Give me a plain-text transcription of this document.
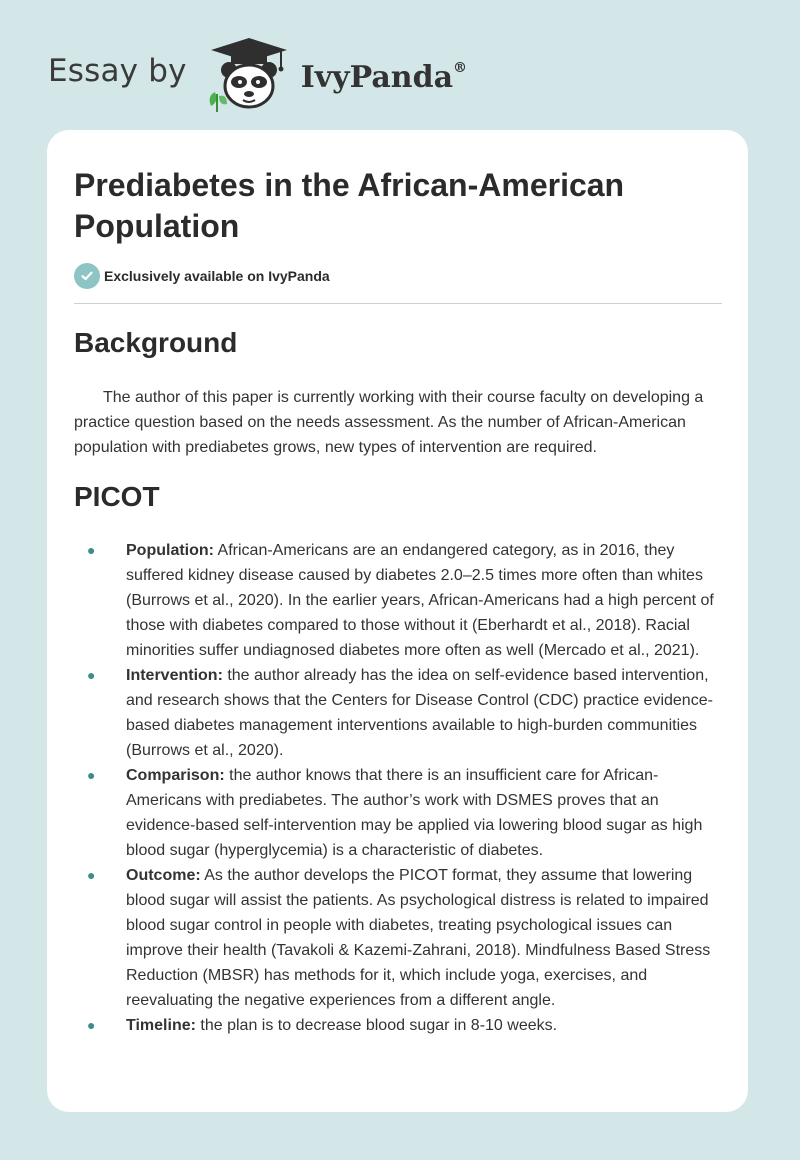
Essay by	IvyPanda®
Prediabetes in the African-American Population
Exclusively available on IvyPanda
Background

The author of this paper is currently working with their course faculty on developing a practice question based on the needs assessment. As the number of African-American population with prediabetes grows, new types of intervention are required.

PICOT
● Population: African-Americans are an endangered category, as in 2016, they suffered kidney disease caused by diabetes 2.0–2.5 times more often than whites (Burrows et al., 2020). In the earlier years, African-Americans had a high percent of those with diabetes compared to those without it (Eberhardt et al., 2018). Racial minorities suffer undiagnosed diabetes more often as well (Mercado et al., 2021).
● Intervention: the author already has the idea on self-evidence based intervention, and research shows that the Centers for Disease Control (CDC) practice evidence-based diabetes management interventions available to high-burden communities (Burrows et al., 2020).
● Comparison: the author knows that there is an insufficient care for African-Americans with prediabetes. The author’s work with DSMES proves that an evidence-based self-intervention may be applied via lowering blood sugar as high blood sugar (hyperglycemia) is a characteristic of diabetes.
● Outcome: As the author develops the PICOT format, they assume that lowering blood sugar will assist the patients. As psychological distress is related to impaired blood sugar control in people with diabetes, treating psychological issues can improve their health (Tavakoli & Kazemi-Zahrani, 2018). Mindfulness Based Stress Reduction (MBSR) has methods for it, which include yoga, exercises, and reevaluating the negative experiences from a different angle.
● Timeline: the plan is to decrease blood sugar in 8-10 weeks.
